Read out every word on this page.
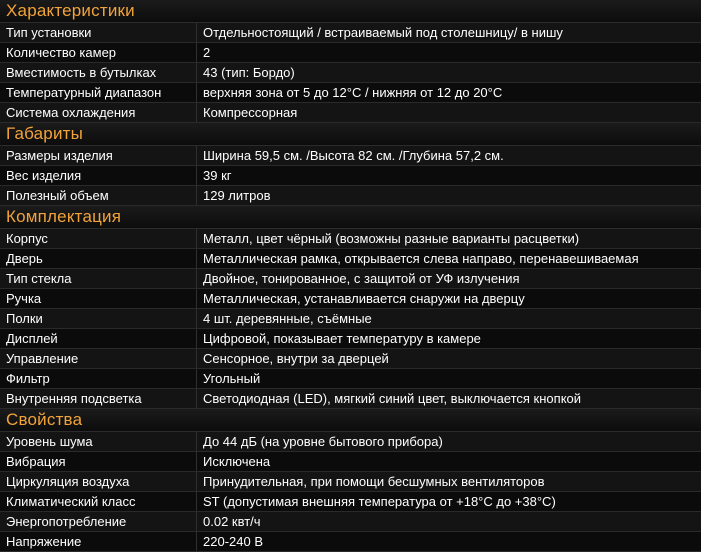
Характеристики
Тип установки	Отдельностоящий / встраиваемый под столешницу/ в нишу
Количество камер	2
Вместимость в бутылках	43 (тип: Бордо)
Температурный диапазон	верхняя зона от 5 до 12°С / нижняя от 12 до 20°С
Система охлаждения	Компрессорная
Габариты
Размеры изделия	Ширина 59,5 см. /Высота 82 см. /Глубина 57,2 см.
Вес изделия	39 кг
Полезный объем	129 литров
Комплектация
Корпус	Металл, цвет чёрный (возможны разные варианты расцветки)
Дверь	Металлическая рамка, открывается слева направо, перенавешиваемая
Тип стекла	Двойное, тонированное, с защитой от УФ излучения
Ручка	Металлическая, устанавливается снаружи на дверцу
Полки	4 шт. деревянные, съёмные
Дисплей	Цифровой, показывает температуру в камере
Управление	Сенсорное, внутри за дверцей
Фильтр	Угольный
Внутренняя подсветка	Светодиодная (LED), мягкий синий цвет, выключается кнопкой
Свойства
Уровень шума	До 44 дБ (на уровне бытового прибора)
Вибрация	Исключена
Циркуляция воздуха	Принудительная, при помощи бесшумных вентиляторов
Климатический класс	ST (допустимая внешняя температура от +18°С до +38°С)
Энергопотребление	0.02 квт/ч
Напряжение	220-240 В
